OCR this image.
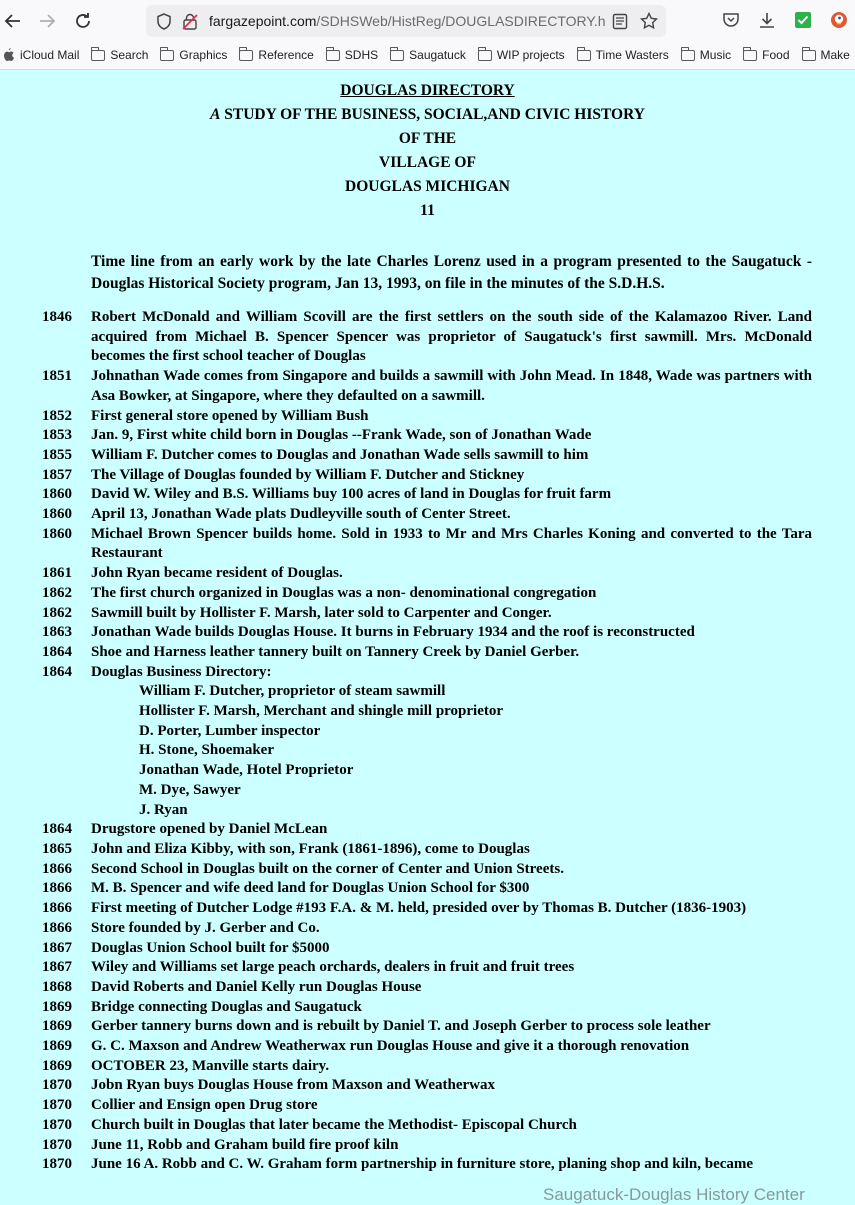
fargazepoint.com/SDHSWeb/HistReg/DOUGLASDIRECTORY.h
iCloud Mail	Search	Graphics	Reference	SDHS	Saugatuck	WIP projects	Time Wasters	Music	Food	Make
DOUGLAS DIRECTORY
A STUDY OF THE BUSINESS, SOCIAL,AND CIVIC HISTORY
OF THE
VILLAGE OF
DOUGLAS MICHIGAN
11
Time line from an early work by the late Charles Lorenz used in a program presented to the Saugatuck -Douglas Historical Society program, Jan 13, 1993, on file in the minutes of the S.D.H.S.
1846	Robert McDonald and William Scovill are the first settlers on the south side of the Kalamazoo River. Land acquired from Michael B. Spencer Spencer was proprietor of Saugatuck's first sawmill. Mrs. McDonald becomes the first school teacher of Douglas
1851	Johnathan Wade comes from Singapore and builds a sawmill with John Mead. In 1848, Wade was partners with Asa Bowker, at Singapore, where they defaulted on a sawmill.
1852	First general store opened by William Bush
1853	Jan. 9, First white child born in Douglas --Frank Wade, son of Jonathan Wade
1855	William F. Dutcher comes to Douglas and Jonathan Wade sells sawmill to him
1857	The Village of Douglas founded by William F. Dutcher and Stickney
1860	David W. Wiley and B.S. Williams buy 100 acres of land in Douglas for fruit farm
1860	April 13, Jonathan Wade plats Dudleyville south of Center Street.
1860	Michael Brown Spencer builds home. Sold in 1933 to Mr and Mrs Charles Koning and converted to the Tara Restaurant
1861	John Ryan became resident of Douglas.
1862	The first church organized in Douglas was a non- denominational congregation
1862	Sawmill built by Hollister F. Marsh, later sold to Carpenter and Conger.
1863	Jonathan Wade builds Douglas House. It burns in February 1934 and the roof is reconstructed
1864	Shoe and Harness leather tannery built on Tannery Creek by Daniel Gerber.
1864	Douglas Business Directory:
William F. Dutcher, proprietor of steam sawmill
Hollister F. Marsh, Merchant and shingle mill proprietor
D. Porter, Lumber inspector
H. Stone, Shoemaker
Jonathan Wade, Hotel Proprietor
M. Dye, Sawyer
J. Ryan
1864	Drugstore opened by Daniel McLean
1865	John and Eliza Kibby, with son, Frank (1861-1896), come to Douglas
1866	Second School in Douglas built on the corner of Center and Union Streets.
1866	M. B. Spencer and wife deed land for Douglas Union School for $300
1866	First meeting of Dutcher Lodge #193 F.A. & M. held, presided over by Thomas B. Dutcher (1836-1903)
1866	Store founded by J. Gerber and Co.
1867	Douglas Union School built for $5000
1867	Wiley and Williams set large peach orchards, dealers in fruit and fruit trees
1868	David Roberts and Daniel Kelly run Douglas House
1869	Bridge connecting Douglas and Saugatuck
1869	Gerber tannery burns down and is rebuilt by Daniel T. and Joseph Gerber to process sole leather
1869	G. C. Maxson and Andrew Weatherwax run Douglas House and give it a thorough renovation
1869	OCTOBER 23, Manville starts dairy.
1870	Jobn Ryan buys Douglas House from Maxson and Weatherwax
1870	Collier and Ensign open Drug store
1870	Church built in Douglas that later became the Methodist- Episcopal Church
1870	June 11, Robb and Graham build fire proof kiln
1870	June 16 A. Robb and C. W. Graham form partnership in furniture store, planing shop and kiln, became
Saugatuck-Douglas History Center
